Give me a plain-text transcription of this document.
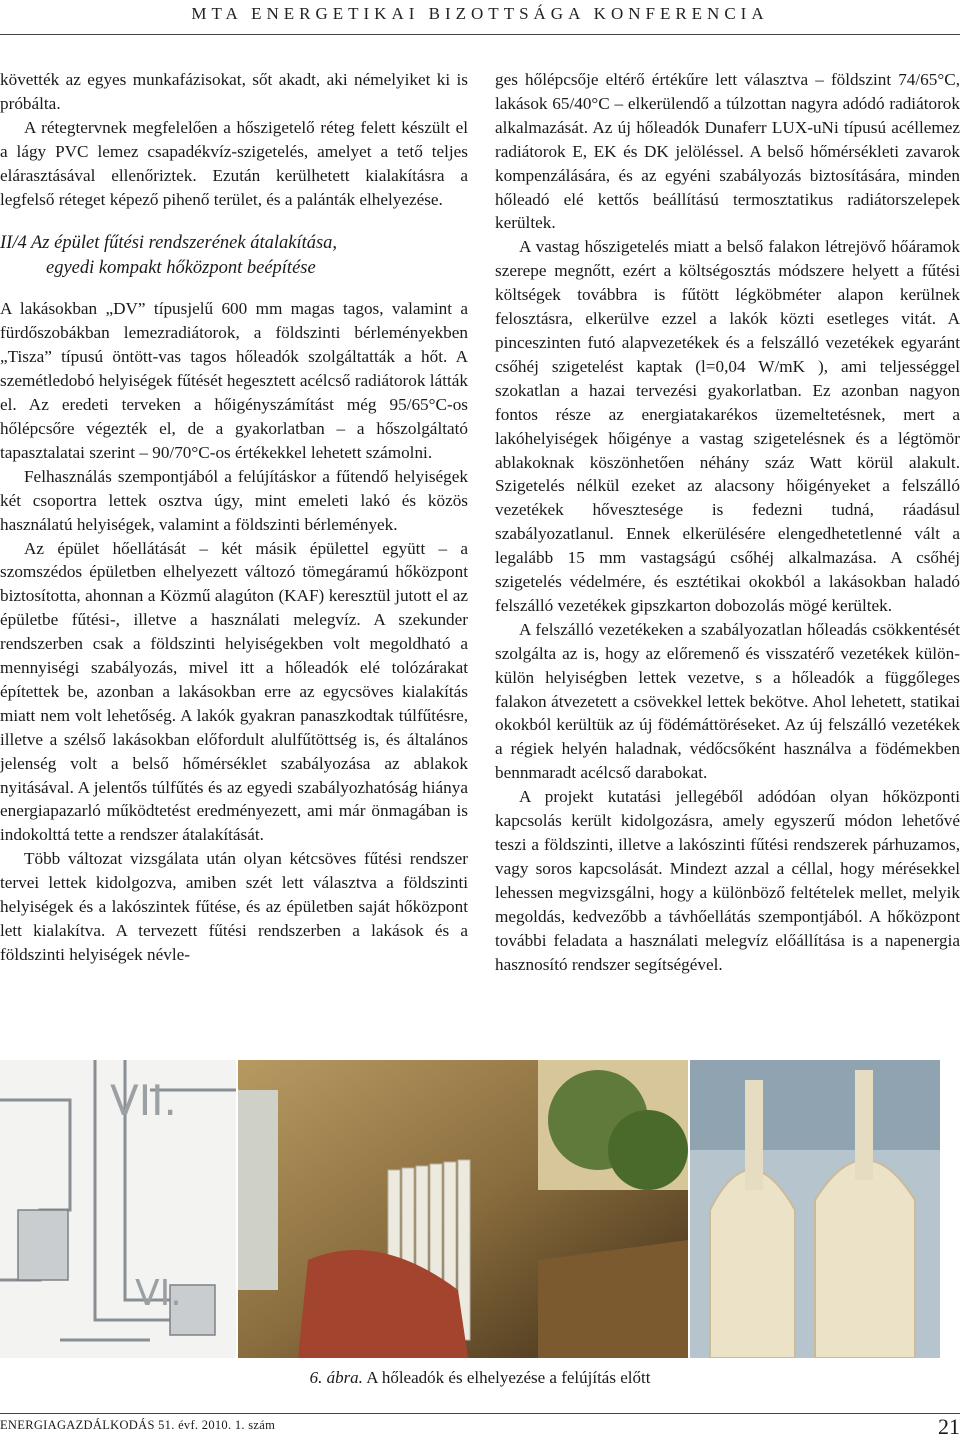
MTA ENERGETIKAI BIZOTTSÁGA KONFERENCIA

követték az egyes munkafázisokat, sőt akadt, aki némelyiket ki is próbálta.

A rétegtervnek megfelelően a hőszigetelő réteg felett készült el a lágy PVC lemez csapadékvíz-szigetelés, amelyet a tető teljes elárasztásával ellenőriztek. Ezután kerülhetett kialakításra a legfelső réteget képező pihenő terület, és a palánták elhelyezése.

II/4 Az épület fűtési rendszerének átalakítása,
egyedi kompakt hőközpont beépítése

A lakásokban „DV” típusjelű 600 mm magas tagos, valamint a fürdőszobákban lemezradiátorok, a földszinti bérleményekben „Tisza” típusú öntött-vas tagos hőleadók szolgáltatták a hőt. A szemétledobó helyiségek fűtését hegesztett acélcső radiátorok látták el. Az eredeti terveken a hőigényszámítást még 95/65°C-os hőlépcsőre végezték el, de a gyakorlatban – a hőszolgáltató tapasztalatai szerint – 90/70°C-os értékekkel lehetett számolni.

Felhasználás szempontjából a felújításkor a fűtendő helyiségek két csoportra lettek osztva úgy, mint emeleti lakó és közös használatú helyiségek, valamint a földszinti bérlemények.

Az épület hőellátását – két másik épülettel együtt – a szomszédos épületben elhelyezett változó tömegáramú hőközpont biztosította, ahonnan a Közmű alagúton (KAF) keresztül jutott el az épületbe fűtési-, illetve a használati melegvíz. A szekunder rendszerben csak a földszinti helyiségekben volt megoldható a mennyiségi szabályozás, mivel itt a hőleadók elé tolózárakat építettek be, azonban a lakásokban erre az egycsöves kialakítás miatt nem volt lehetőség. A lakók gyakran panaszkodtak túlfűtésre, illetve a szélső lakásokban előfordult alulfűtöttség is, és általános jelenség volt a belső hőmérséklet szabályozása az ablakok nyitásával. A jelentős túlfűtés és az egyedi szabályozhatóság hiánya energiapazarló működtetést eredményezett, ami már önmagában is indokolttá tette a rendszer átalakítását.

Több változat vizsgálata után olyan kétcsöves fűtési rendszer tervei lettek kidolgozva, amiben szét lett választva a földszinti helyiségek és a lakószintek fűtése, és az épületben saját hőközpont lett kialakítva. A tervezett fűtési rendszerben a lakások és a földszinti helyiségek névle-

ges hőlépcsője eltérő értékűre lett választva – földszint 74/65°C, lakások 65/40°C – elkerülendő a túlzottan nagyra adódó radiátorok alkalmazását. Az új hőleadók Dunaferr LUX-uNi típusú acéllemez radiátorok E, EK és DK jelöléssel. A belső hőmérsékleti zavarok kompenzálására, és az egyéni szabályozás biztosítására, minden hőleadó elé kettős beállítású termosztatikus radiátorszelepek kerültek.

A vastag hőszigetelés miatt a belső falakon létrejövő hőáramok szerepe megnőtt, ezért a költségosztás módszere helyett a fűtési költségek továbbra is fűtött légköbméter alapon kerülnek felosztásra, elkerülve ezzel a lakók közti esetleges vitát. A pinceszinten futó alapvezetékek és a felszálló vezetékek egyaránt csőhéj szigetelést kaptak (l=0,04 W/mK ), ami teljességgel szokatlan a hazai tervezési gyakorlatban. Ez azonban nagyon fontos része az energiatakarékos üzemeltetésnek, mert a lakóhelyiségek hőigénye a vastag szigetelésnek és a légtömör ablakoknak köszönhetően néhány száz Watt körül alakult. Szigetelés nélkül ezeket az alacsony hőigényeket a felszálló vezetékek hővesztesége is fedezni tudná, ráadásul szabályozatlanul. Ennek elkerülésére elengedhetetlenné vált a legalább 15 mm vastagságú csőhéj alkalmazása. A csőhéj szigetelés védelmére, és esztétikai okokból a lakásokban haladó felszálló vezetékek gipszkarton dobozolás mögé kerültek.

A felszálló vezetékeken a szabályozatlan hőleadás csökkentését szolgálta az is, hogy az előremenő és visszatérő vezetékek külön-külön helyiségben lettek vezetve, s a hőleadók a függőleges falakon átvezetett a csövekkel lettek bekötve. Ahol lehetett, statikai okokból kerültük az új födémáttöréseket. Az új felszálló vezetékek a régiek helyén haladnak, védőcsőként használva a födémekben bennmaradt acélcső darabokat.

A projekt kutatási jellegéből adódóan olyan hőközponti kapcsolás került kidolgozásra, amely egyszerű módon lehetővé teszi a földszinti, illetve a lakószinti fűtési rendszerek párhuzamos, vagy soros kapcsolását. Mindezt azzal a céllal, hogy mérésekkel lehessen megvizsgálni, hogy a különböző feltételek mellet, melyik megoldás, kedvezőbb a távhőellátás szempontjából. A hőközpont további feladata a használati melegvíz előállítása is a napenergia hasznosító rendszer segítségével.

VII.
VI.
6. ábra. A hőleadók és elhelyezése a felújítás előtt
ENERGIAGAZDÁLKODÁS 51. évf. 2010. 1. szám	21
